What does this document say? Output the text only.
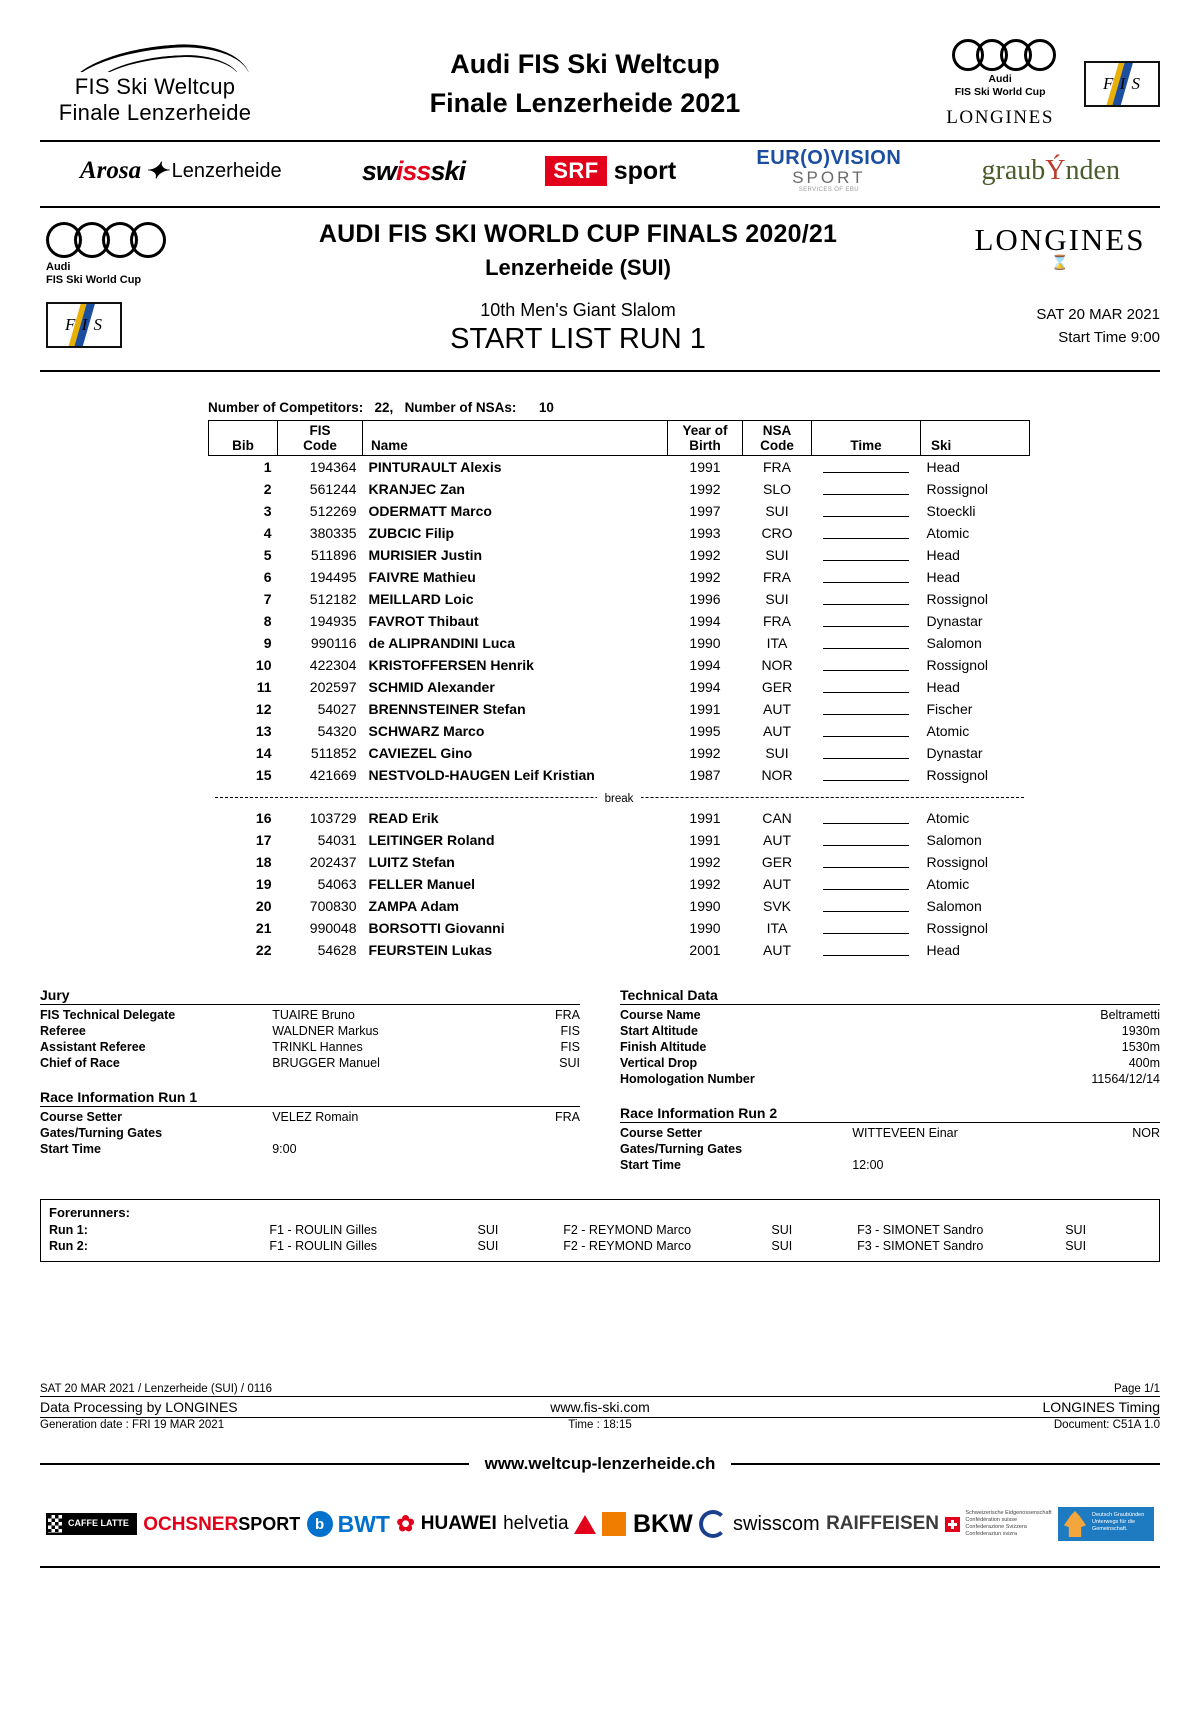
FIS Ski Weltcup
Finale Lenzerheide
Audi FIS Ski Weltcup
Finale Lenzerheide 2021
Audi
FIS Ski World Cup
LONGINES
F I S
Arosa ✦ Lenzerheide	swissski	SRF sport	EUR(O)VISION
SPORT
SERVICES OF EBU
graubÝnden
Audi
FIS Ski World Cup
AUDI FIS SKI WORLD CUP FINALS 2020/21
Lenzerheide (SUI)
LONGINES
⌛
F I S
10th Men's Giant Slalom
START LIST RUN 1
SAT 20 MAR 2021
Start Time 9:00
Number of Competitors: 22, Number of NSAs: 10
Bib	
FIS
Code	Name	
Year of
Birth

NSA
Code	Time	Ski
1	194364	PINTURAULT Alexis	1991	FRA		Head
2	561244	KRANJEC Zan	1992	SLO		Rossignol
3	512269	ODERMATT Marco	1997	SUI		Stoeckli
4	380335	ZUBCIC Filip	1993	CRO		Atomic
5	511896	MURISIER Justin	1992	SUI		Head
6	194495	FAIVRE Mathieu	1992	FRA		Head
7	512182	MEILLARD Loic	1996	SUI		Rossignol
8	194935	FAVROT Thibaut	1994	FRA		Dynastar
9	990116	de ALIPRANDINI Luca	1990	ITA		Salomon
10	422304	KRISTOFFERSEN Henrik	1994	NOR		Rossignol
11	202597	SCHMID Alexander	1994	GER		Head
12	54027	BRENNSTEINER Stefan	1991	AUT		Fischer
13	54320	SCHWARZ Marco	1995	AUT		Atomic
14	511852	CAVIEZEL Gino	1992	SUI		Dynastar
15	421669	NESTVOLD-HAUGEN Leif Kristian	1987	NOR		Rossignol

break						

16	103729	READ Erik	1991	CAN		Atomic
17	54031	LEITINGER Roland	1991	AUT		Salomon
18	202437	LUITZ Stefan	1992	GER		Rossignol
19	54063	FELLER Manuel	1992	AUT		Atomic
20	700830	ZAMPA Adam	1990	SVK		Salomon
21	990048	BORSOTTI Giovanni	1990	ITA		Rossignol
22	54628	FEURSTEIN Lukas	2001	AUT		Head
Jury
FIS Technical Delegate	TUAIRE Bruno	FRA
Referee	WALDNER Markus	FIS
Assistant Referee	TRINKL Hannes	FIS
Chief of Race	BRUGGER Manuel	SUI
Race Information Run 1
Course Setter	VELEZ Romain	FRA
Gates/Turning Gates		
Start Time	9:00	
Technical Data
Course Name	Beltrametti
Start Altitude	1930m
Finish Altitude	1530m
Vertical Drop	400m
Homologation Number	11564/12/14
Race Information Run 2
Course Setter	WITTEVEEN Einar	NOR
Gates/Turning Gates		
Start Time	12:00	
Forerunners:
Run 1:	F1 - ROULIN Gilles	SUI	F2 - REYMOND Marco	SUI	F3 - SIMONET Sandro	SUI
Run 2:	F1 - ROULIN Gilles	SUI	F2 - REYMOND Marco	SUI	F3 - SIMONET Sandro	SUI
SAT 20 MAR 2021 / Lenzerheide (SUI) / 0116	Page 1/1
Data Processing by LONGINES	www.fis-ski.com	LONGINES Timing
Generation date : FRI 19 MAR 2021	Time : 18:15	Document: C51A 1.0
www.weltcup-lenzerheide.ch
CAFFE LATTE OCHSNER SPORT b BWT ✿ HUAWEI helvetia	BKW swisscom RAIFFEISEN	Schweizerische Eidgenossenschaft
Confédération suisse
Confederazione Svizzera
Confederaziun svizra
Deutsch Graubünden
Unterwegs für die
Gemeinschaft.
